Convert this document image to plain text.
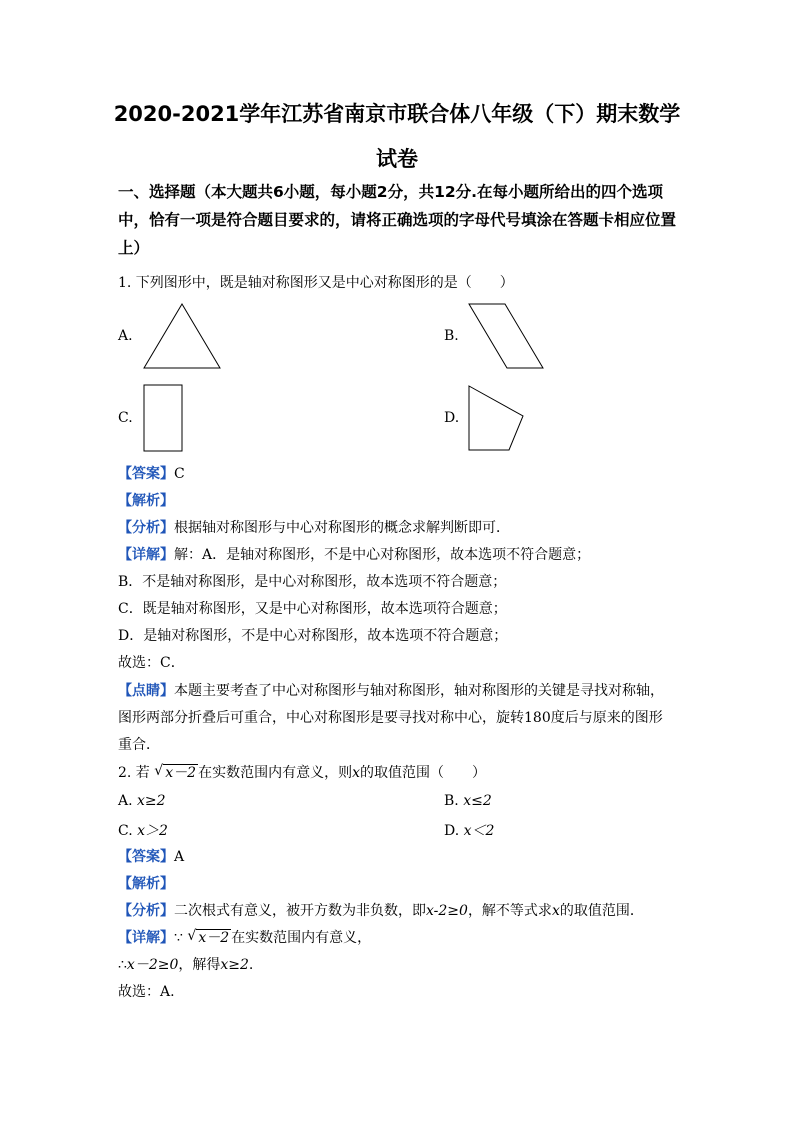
2020-2021学年江苏省南京市联合体八年级（下）期末数学
试卷
一、选择题（本大题共6小题，每小题2分，共12分.在每小题所给出的四个选项中，恰有一项是符合题目要求的，请将正确选项的字母代号填涂在答题卡相应位置上）
1. 下列图形中，既是轴对称图形又是中心对称图形的是（　　）
A.	B.
C.	D.
【答案】C
【解析】
【分析】根据轴对称图形与中心对称图形的概念求解判断即可．
【详解】解：A．是轴对称图形，不是中心对称图形，故本选项不符合题意；
B．不是轴对称图形，是中心对称图形，故本选项不符合题意；
C．既是轴对称图形，又是中心对称图形，故本选项符合题意；
D．是轴对称图形，不是中心对称图形，故本选项不符合题意；
故选：C．
【点睛】本题主要考查了中心对称图形与轴对称图形，轴对称图形的关键是寻找对称轴，
图形两部分折叠后可重合，中心对称图形是要寻找对称中心，旋转180度后与原来的图形
重合．
2. 若 √ x－2 在实数范围内有意义，则x的取值范围（　　）
A. x≥2	B. x≤2
C. x＞2	D. x＜2
【答案】A
【解析】
【分析】二次根式有意义，被开方数为非负数，即x-2≥0，解不等式求x的取值范围．
【详解】∵ √ x－2 在实数范围内有意义，
∴x－2≥0，解得x≥2.
故选：A.
